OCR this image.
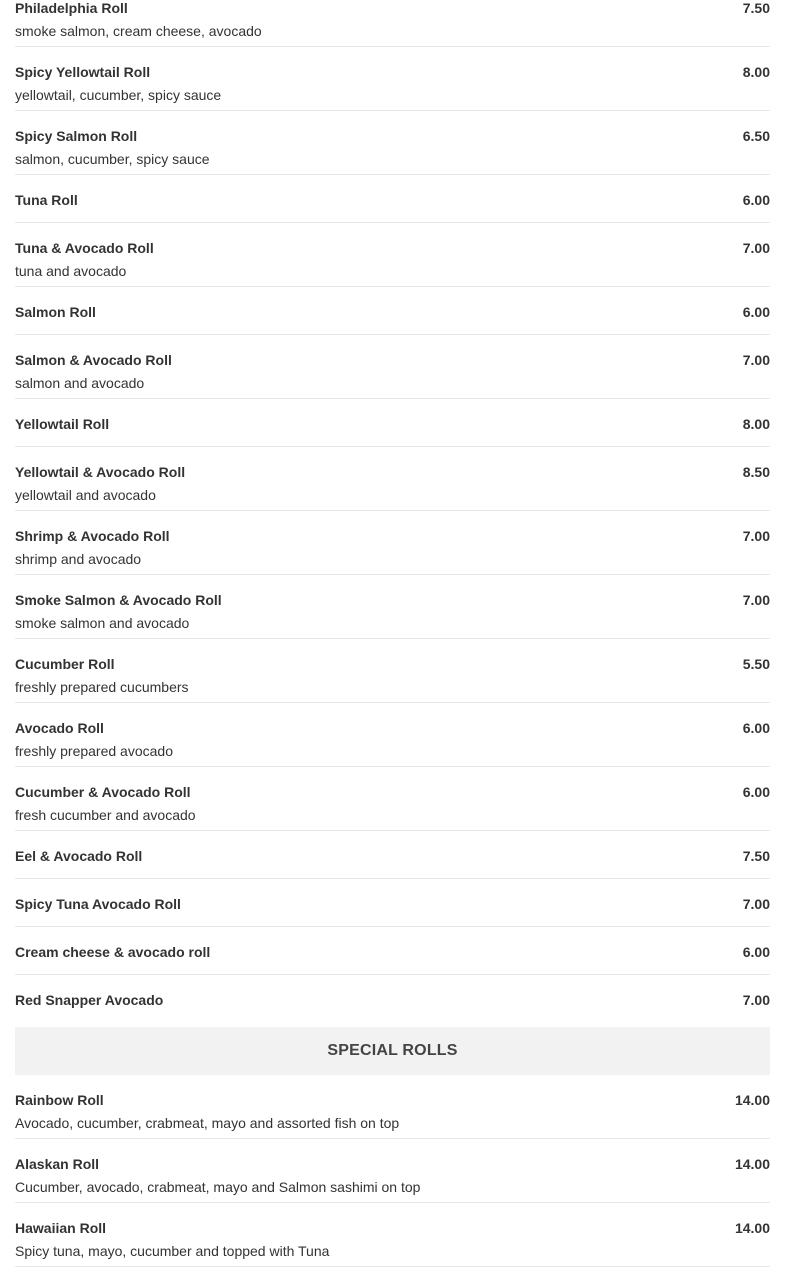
Philadelphia Roll	7.50
smoke salmon, cream cheese, avocado
Spicy Yellowtail Roll	8.00
yellowtail, cucumber, spicy sauce
Spicy Salmon Roll	6.50
salmon, cucumber, spicy sauce
Tuna Roll	6.00
Tuna & Avocado Roll	7.00
tuna and avocado
Salmon Roll	6.00
Salmon & Avocado Roll	7.00
salmon and avocado
Yellowtail Roll	8.00
Yellowtail & Avocado Roll	8.50
yellowtail and avocado
Shrimp & Avocado Roll	7.00
shrimp and avocado
Smoke Salmon & Avocado Roll	7.00
smoke salmon and avocado
Cucumber Roll	5.50
freshly prepared cucumbers
Avocado Roll	6.00
freshly prepared avocado
Cucumber & Avocado Roll	6.00
fresh cucumber and avocado
Eel & Avocado Roll	7.50
Spicy Tuna Avocado Roll	7.00
Cream cheese & avocado roll	6.00
Red Snapper Avocado	7.00
SPECIAL ROLLS
Rainbow Roll	14.00
Avocado, cucumber, crabmeat, mayo and assorted fish on top
Alaskan Roll	14.00
Cucumber, avocado, crabmeat, mayo and Salmon sashimi on top
Hawaiian Roll	14.00
Spicy tuna, mayo, cucumber and topped with Tuna
